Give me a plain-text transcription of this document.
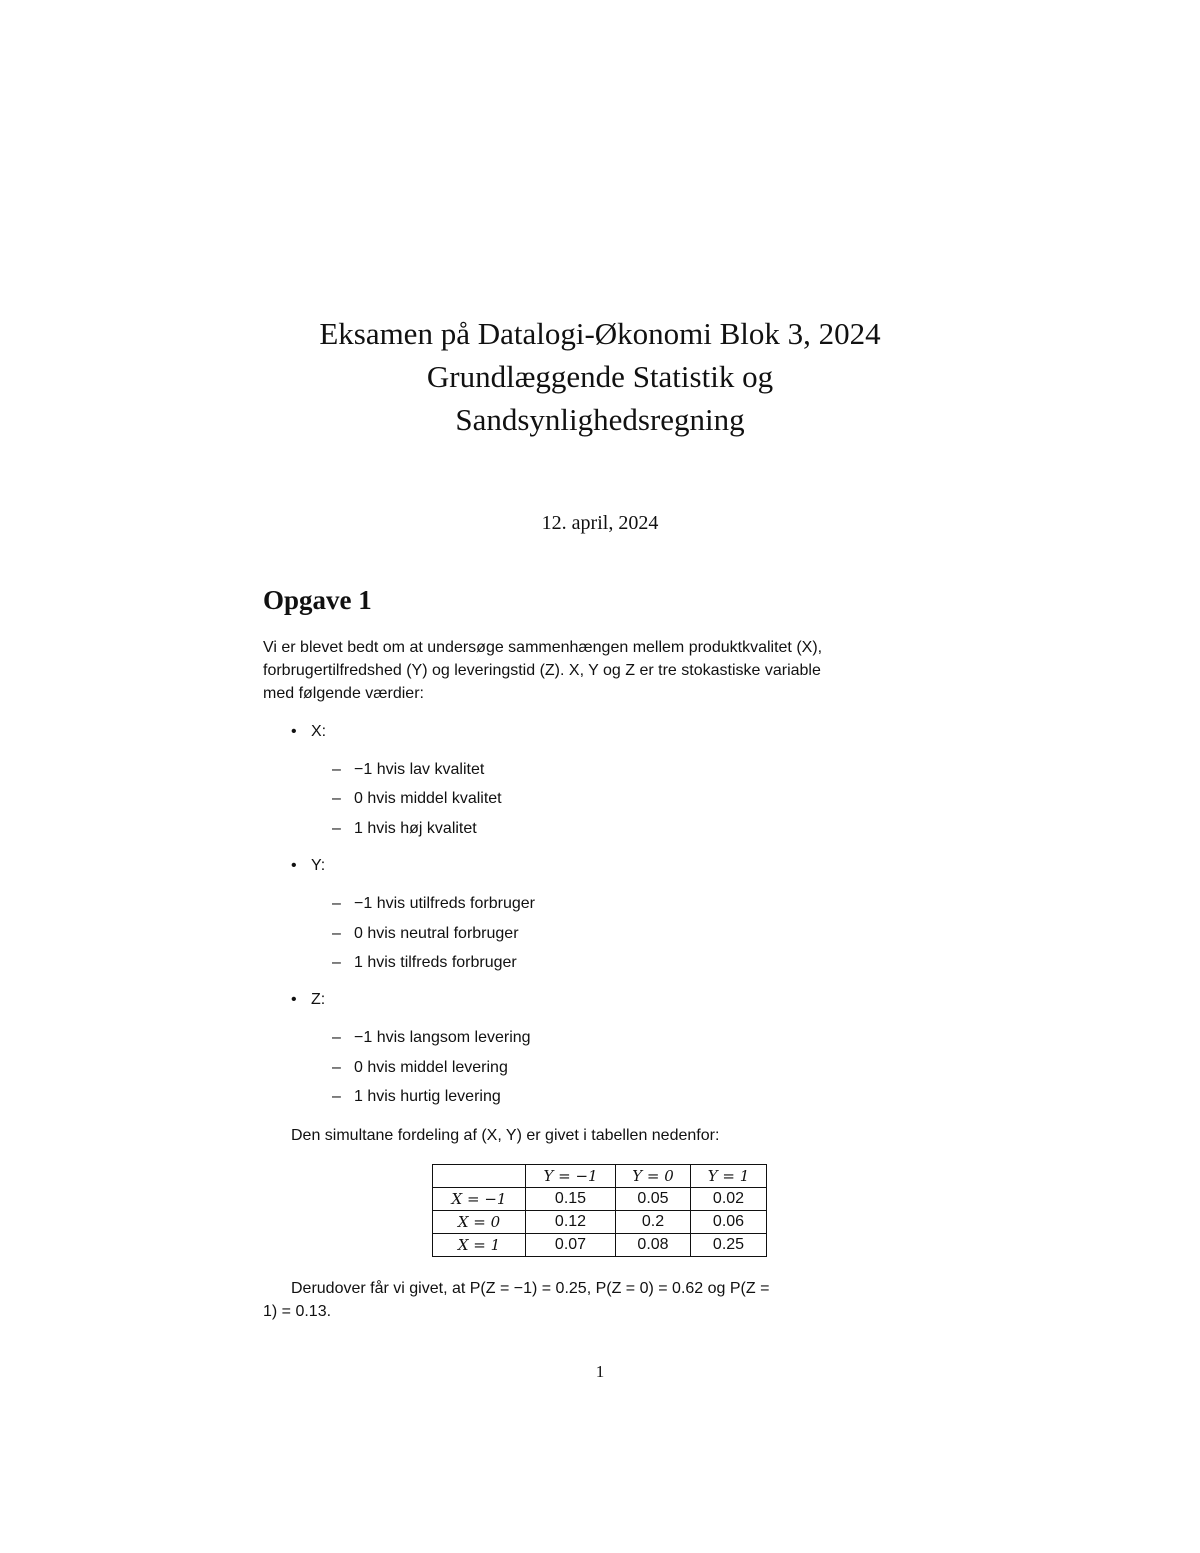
Eksamen på Datalogi-Økonomi Blok 3, 2024
Grundlæggende Statistik og
Sandsynlighedsregning
12. april, 2024
Opgave 1
Vi er blevet bedt om at undersøge sammenhængen mellem produktkvalitet (X),
forbrugertilfredshed (Y) og leveringstid (Z). X, Y og Z er tre stokastiske variable
med følgende værdier:
• X:
– −1 hvis lav kvalitet
– 0 hvis middel kvalitet
– 1 hvis høj kvalitet
• Y:
– −1 hvis utilfreds forbruger
– 0 hvis neutral forbruger
– 1 hvis tilfreds forbruger
• Z:
– −1 hvis langsom levering
– 0 hvis middel levering
– 1 hvis hurtig levering
Den simultane fordeling af (X, Y) er givet i tabellen nedenfor:
	Y = −1	Y = 0	Y = 1
X = −1	0.15	0.05	0.02
X = 0	0.12	0.2	0.06
X = 1	0.07	0.08	0.25
Derudover får vi givet, at P(Z = −1) = 0.25, P(Z = 0) = 0.62 og P(Z =
1) = 0.13.
1
